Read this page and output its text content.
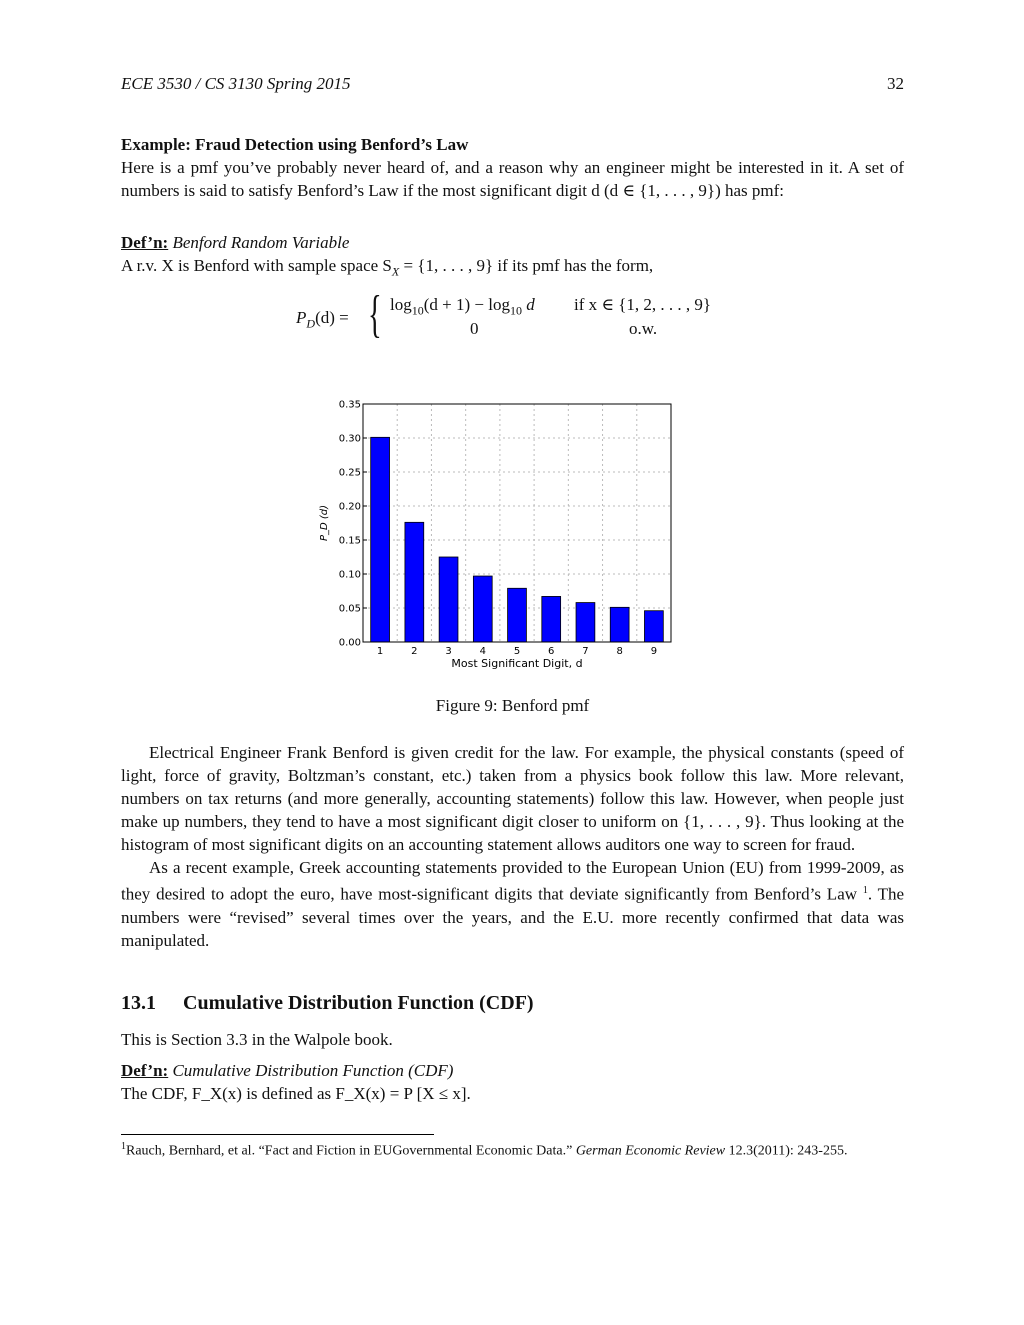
ECE 3530 / CS 3130 Spring 2015	32
Example: Fraud Detection using Benford’s Law
Here is a pmf you’ve probably never heard of, and a reason why an engineer might be interested in it. A set of numbers is said to satisfy Benford’s Law if the most significant digit d (d ∈ {1, . . . , 9}) has pmf:
Def’n: Benford Random Variable
A r.v. X is Benford with sample space $S_X = \{1$, . . . , 9} if its pmf has the form,
$P_D(d)$ = { $\log_{10}(d + 1) - \log_{10} d$
0
if x ∈ {1, 2, . . . , 9}
o.w.
0.00
0.05
0.10
0.15
0.20
0.25
0.30
0.35
1	2	3	4	5	6	7	8	9
Most Significant Digit, d
P_D (d)
Figure 9: Benford pmf
Electrical Engineer Frank Benford is given credit for the law. For example, the physical constants (speed of light, force of gravity, Boltzman’s constant, etc.) taken from a physics book follow this law. More relevant, numbers on tax returns (and more generally, accounting statements) follow this law. However, when people just make up numbers, they tend to have a most significant digit closer to uniform on {1, . . . , 9}. Thus looking at the histogram of most significant digits on an accounting statement allows auditors one way to screen for fraud.
As a recent example, Greek accounting statements provided to the European Union (EU) from 1999-2009, as they desired to adopt the euro, have most-significant digits that deviate significantly from Benford’s Law $^1$. The numbers were “revised” several times over the years, and the E.U. more recently confirmed that data was manipulated.
13.1 Cumulative Distribution Function (CDF)
This is Section 3.3 in the Walpole book.
Def’n: Cumulative Distribution Function (CDF)
The CDF, F_X(x) is defined as F_X(x) = P [X ≤ x].
$^1$Rauch, Bernhard, et al. “Fact and Fiction in EUGovernmental Economic Data.” German Economic Review 12.3(2011): 243-255.
